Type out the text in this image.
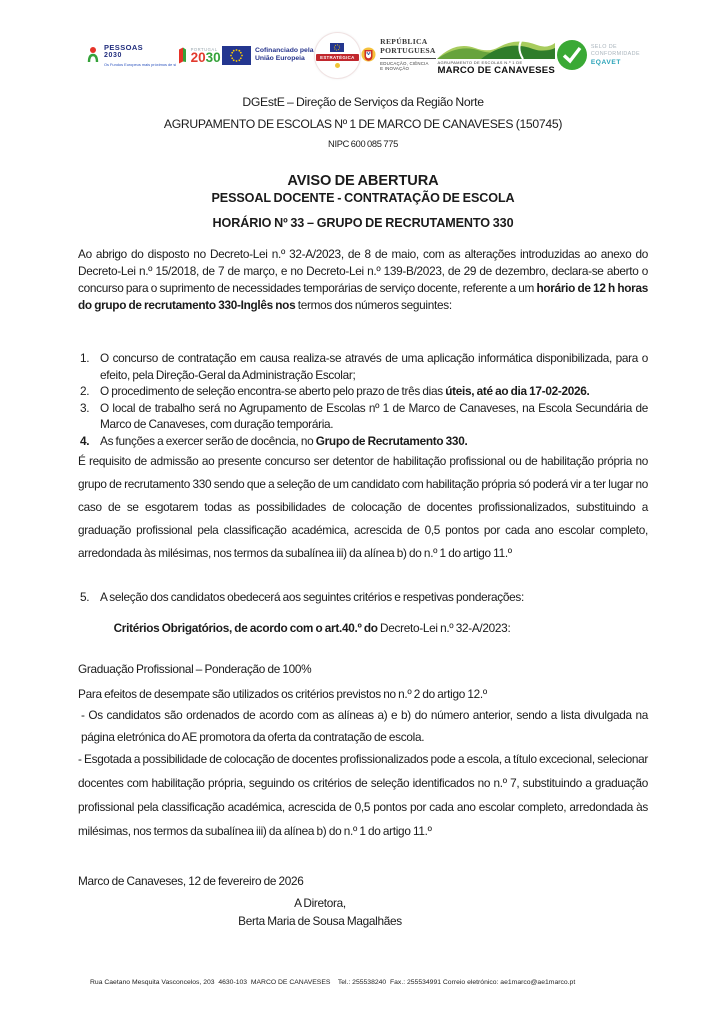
PESSOAS
2030
Os Fundos Europeus mais próximos de si
PORTUGAL
2030	Cofinanciado pela
União Europeia	ESTRATÉGICA
REPÚBLICA
PORTUGUESA
EDUCAÇÃO, CIÊNCIA
E INOVAÇÃO
AGRUPAMENTO DE ESCOLAS N.º 1 DE
MARCO DE CANAVESES
SELO DE
CONFORMIDADE
EQAVET
DGEstE – Direção de Serviços da Região Norte
AGRUPAMENTO DE ESCOLAS Nº 1 DE MARCO DE CANAVESES (150745)
NIPC 600 085 775
AVISO DE ABERTURA
PESSOAL DOCENTE - CONTRATAÇÃO DE ESCOLA
HORÁRIO Nº 33 – GRUPO DE RECRUTAMENTO 330

Ao abrigo do disposto no Decreto-Lei n.º 32-A/2023, de 8 de maio, com as alterações introduzidas ao anexo do Decreto-Lei n.º 15/2018, de 7 de março, e no Decreto-Lei n.º 139-B/2023, de 29 de dezembro, declara-se aberto o concurso para o suprimento de necessidades temporárias de serviço docente, referente a um horário de 12 h horas do grupo de recrutamento 330-Inglês nos termos dos números seguintes:

1. O concurso de contratação em causa realiza-se através de uma aplicação informática disponibilizada, para o efeito, pela Direção-Geral da Administração Escolar;
2. O procedimento de seleção encontra-se aberto pelo prazo de três dias úteis, até ao dia 17-02-2026.
3. O local de trabalho será no Agrupamento de Escolas nº 1 de Marco de Canaveses, na Escola Secundária de Marco de Canaveses, com duração temporária.
4. As funções a exercer serão de docência, no Grupo de Recrutamento 330.

É requisito de admissão ao presente concurso ser detentor de habilitação profissional ou de habilitação própria no grupo de recrutamento 330 sendo que a seleção de um candidato com habilitação própria só poderá vir a ter lugar no caso de se esgotarem todas as possibilidades de colocação de docentes profissionalizados, substituindo a graduação profissional pela classificação académica, acrescida de 0,5 pontos por cada ano escolar completo, arredondada às milésimas, nos termos da subalínea iii) da alínea b) do n.º 1 do artigo 11.º

5. A seleção dos candidatos obedecerá aos seguintes critérios e respetivas ponderações:

Critérios Obrigatórios, de acordo com o art.40.º do Decreto-Lei n.º 32-A/2023:

Graduação Profissional – Ponderação de 100%

Para efeitos de desempate são utilizados os critérios previstos no n.º 2 do artigo 12.º

- Os candidatos são ordenados de acordo com as alíneas a) e b) do número anterior, sendo a lista divulgada na página eletrónica do AE promotora da oferta da contratação de escola.

- Esgotada a possibilidade de colocação de docentes profissionalizados pode a escola, a título excecional, selecionar docentes com habilitação própria, seguindo os critérios de seleção identificados no n.º 7, substituindo a graduação profissional pela classificação académica, acrescida de 0,5 pontos por cada ano escolar completo, arredondada às milésimas, nos termos da subalínea iii) da alínea b) do n.º 1 do artigo 11.º

Marco de Canaveses, 12 de fevereiro de 2026

A Diretora,
Berta Maria de Sousa Magalhães
Rua Caetano Mesquita Vasconcelos, 203  4630-103  MARCO DE CANAVESES    Tel.: 255538240  Fax.: 255534991 Correio eletrónico: ae1marco@ae1marco.pt
